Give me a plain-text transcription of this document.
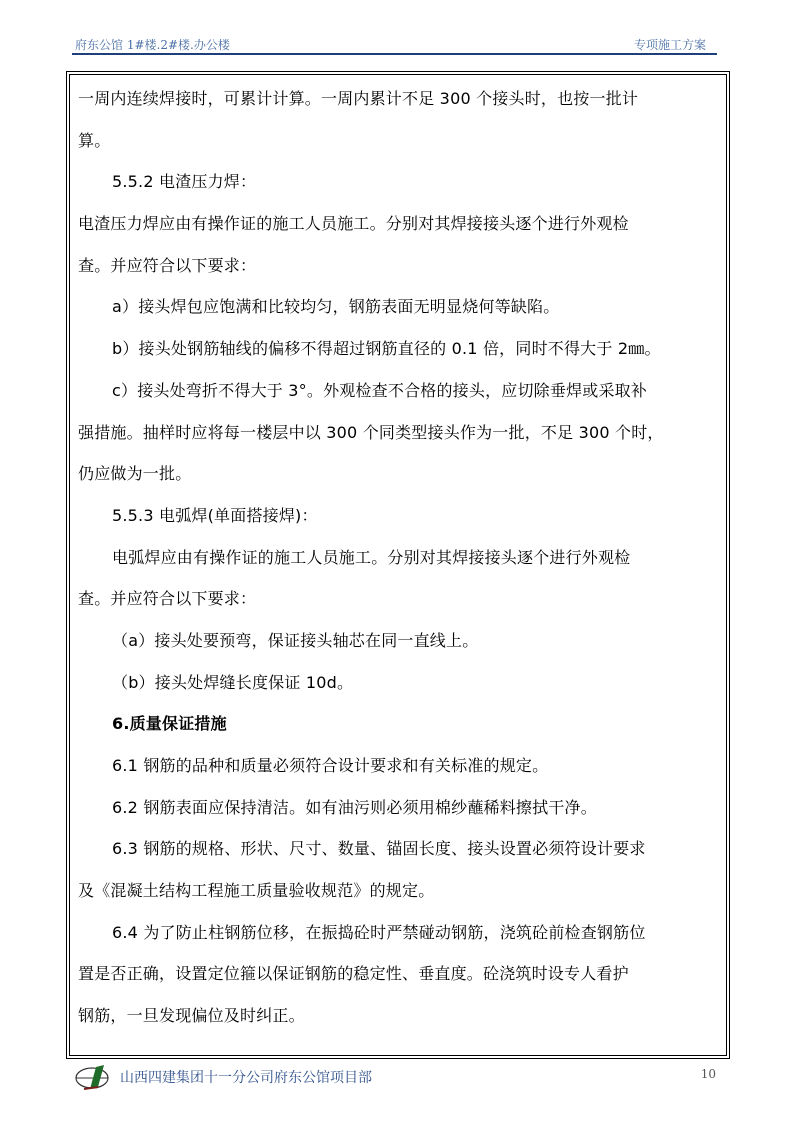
府东公馆 1#楼.2#楼.办公楼	专项施工方案
一周内连续焊接时，可累计计算。一周内累计不足 300 个接头时，也按一批计
算。
5.5.2 电渣压力焊：
电渣压力焊应由有操作证的施工人员施工。分别对其焊接接头逐个进行外观检
查。并应符合以下要求：
a）接头焊包应饱满和比较均匀，钢筋表面无明显烧何等缺陷。
b）接头处钢筋轴线的偏移不得超过钢筋直径的 0.1 倍，同时不得大于 2㎜。
c）接头处弯折不得大于 3°。外观检查不合格的接头，应切除垂焊或采取补
强措施。抽样时应将每一楼层中以 300 个同类型接头作为一批，不足 300 个时，
仍应做为一批。
5.5.3 电弧焊(单面搭接焊)：
电弧焊应由有操作证的施工人员施工。分别对其焊接接头逐个进行外观检
查。并应符合以下要求：
（a）接头处要预弯，保证接头轴芯在同一直线上。
（b）接头处焊缝长度保证 10d。
6.质量保证措施
6.1 钢筋的品种和质量必须符合设计要求和有关标准的规定。
6.2 钢筋表面应保持清洁。如有油污则必须用棉纱蘸稀料擦拭干净。
6.3 钢筋的规格、形状、尺寸、数量、锚固长度、接头设置必须符设计要求
及《混凝土结构工程施工质量验收规范》的规定。
6.4 为了防止柱钢筋位移，在振捣砼时严禁碰动钢筋，浇筑砼前检查钢筋位
置是否正确，设置定位箍以保证钢筋的稳定性、垂直度。砼浇筑时设专人看护
钢筋，一旦发现偏位及时纠正。
山西四建集团十一分公司府东公馆项目部	10
